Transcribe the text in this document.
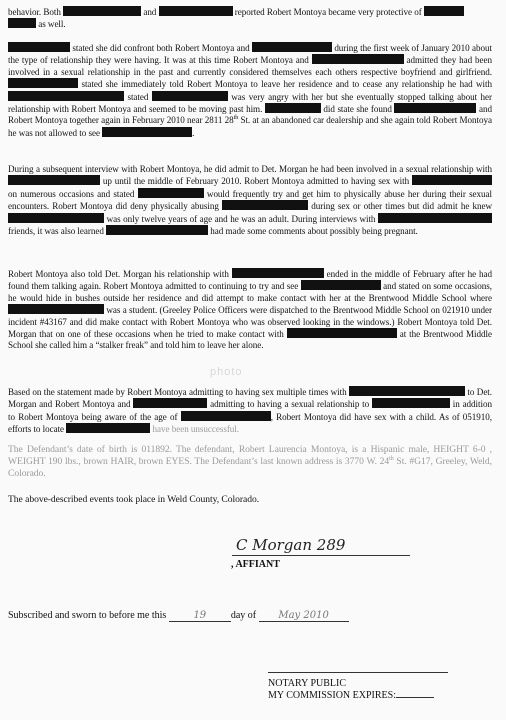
behavior. Both	and	reported Robert Montoya became very protective of
as well.
stated she did confront both Robert Montoya and	during the first week of January 2010 about the type of relationship they were having. It was at this time Robert Montoya and	admitted they had been involved in a sexual relationship in the past and currently considered themselves each others respective boyfriend and girlfriend.  stated she immediately told Robert Montoya to leave her residence and to cease any relationship he had with  stated	was very angry with her but she eventually stopped talking about her relationship with Robert Montoya and seemed to be moving past him.	did state she found	and Robert Montoya together again in February 2010 near 2811 28th St. at an abandoned car dealership and she again told Robert Montoya he was not allowed to see	.
During a subsequent interview with Robert Montoya, he did admit to Det. Morgan he had been involved in a sexual relationship with  up until the middle of February 2010. Robert Montoya admitted to having sex with  on numerous occasions and stated	would frequently try and get him to physically abuse her during their sexual encounters. Robert Montoya did deny physically abusing	during sex or other times but did admit he knew  was only twelve years of age and he was an adult. During interviews with  friends, it was also learned	had made some comments about possibly being pregnant.
Robert Montoya also told Det. Morgan his relationship with	ended in the middle of February after he had found them talking again. Robert Montoya admitted to continuing to try and see	and stated on some occasions, he would hide in bushes outside her residence and did attempt to make contact with her at the Brentwood Middle School where  was a student. (Greeley Police Officers were dispatched to the Brentwood Middle School on 021910 under incident #43167 and did make contact with Robert Montoya who was observed looking in the windows.) Robert Montoya told Det. Morgan that on one of these occasions when he tried to make contact with	at the Brentwood Middle School she called him a “stalker freak” and told him to leave her alone.
photo
Based on the statement made by Robert Montoya admitting to having sex multiple times with	to Det. Morgan and Robert Montoya and	admitting to having a sexual relationship to	in addition to Robert Montoya being aware of the age of	, Robert Montoya did have sex with a child. As of 051910, efforts to locate	have been unsuccessful.
The Defendant’s date of birth is 011892. The defendant, Robert Laurencia Montoya, is a Hispanic male, HEIGHT 6-0 , WEIGHT 190 lbs., brown HAIR, brown EYES. The Defendant’s last known address is 3770 W. 24th St. #G17, Greeley, Weld, Colorado.
The above-described events took place in Weld County, Colorado.
C Morgan 289
, AFFIANT
Subscribed and sworn to before me this	19 day of May 2010
NOTARY PUBLIC
MY COMMISSION EXPIRES:
